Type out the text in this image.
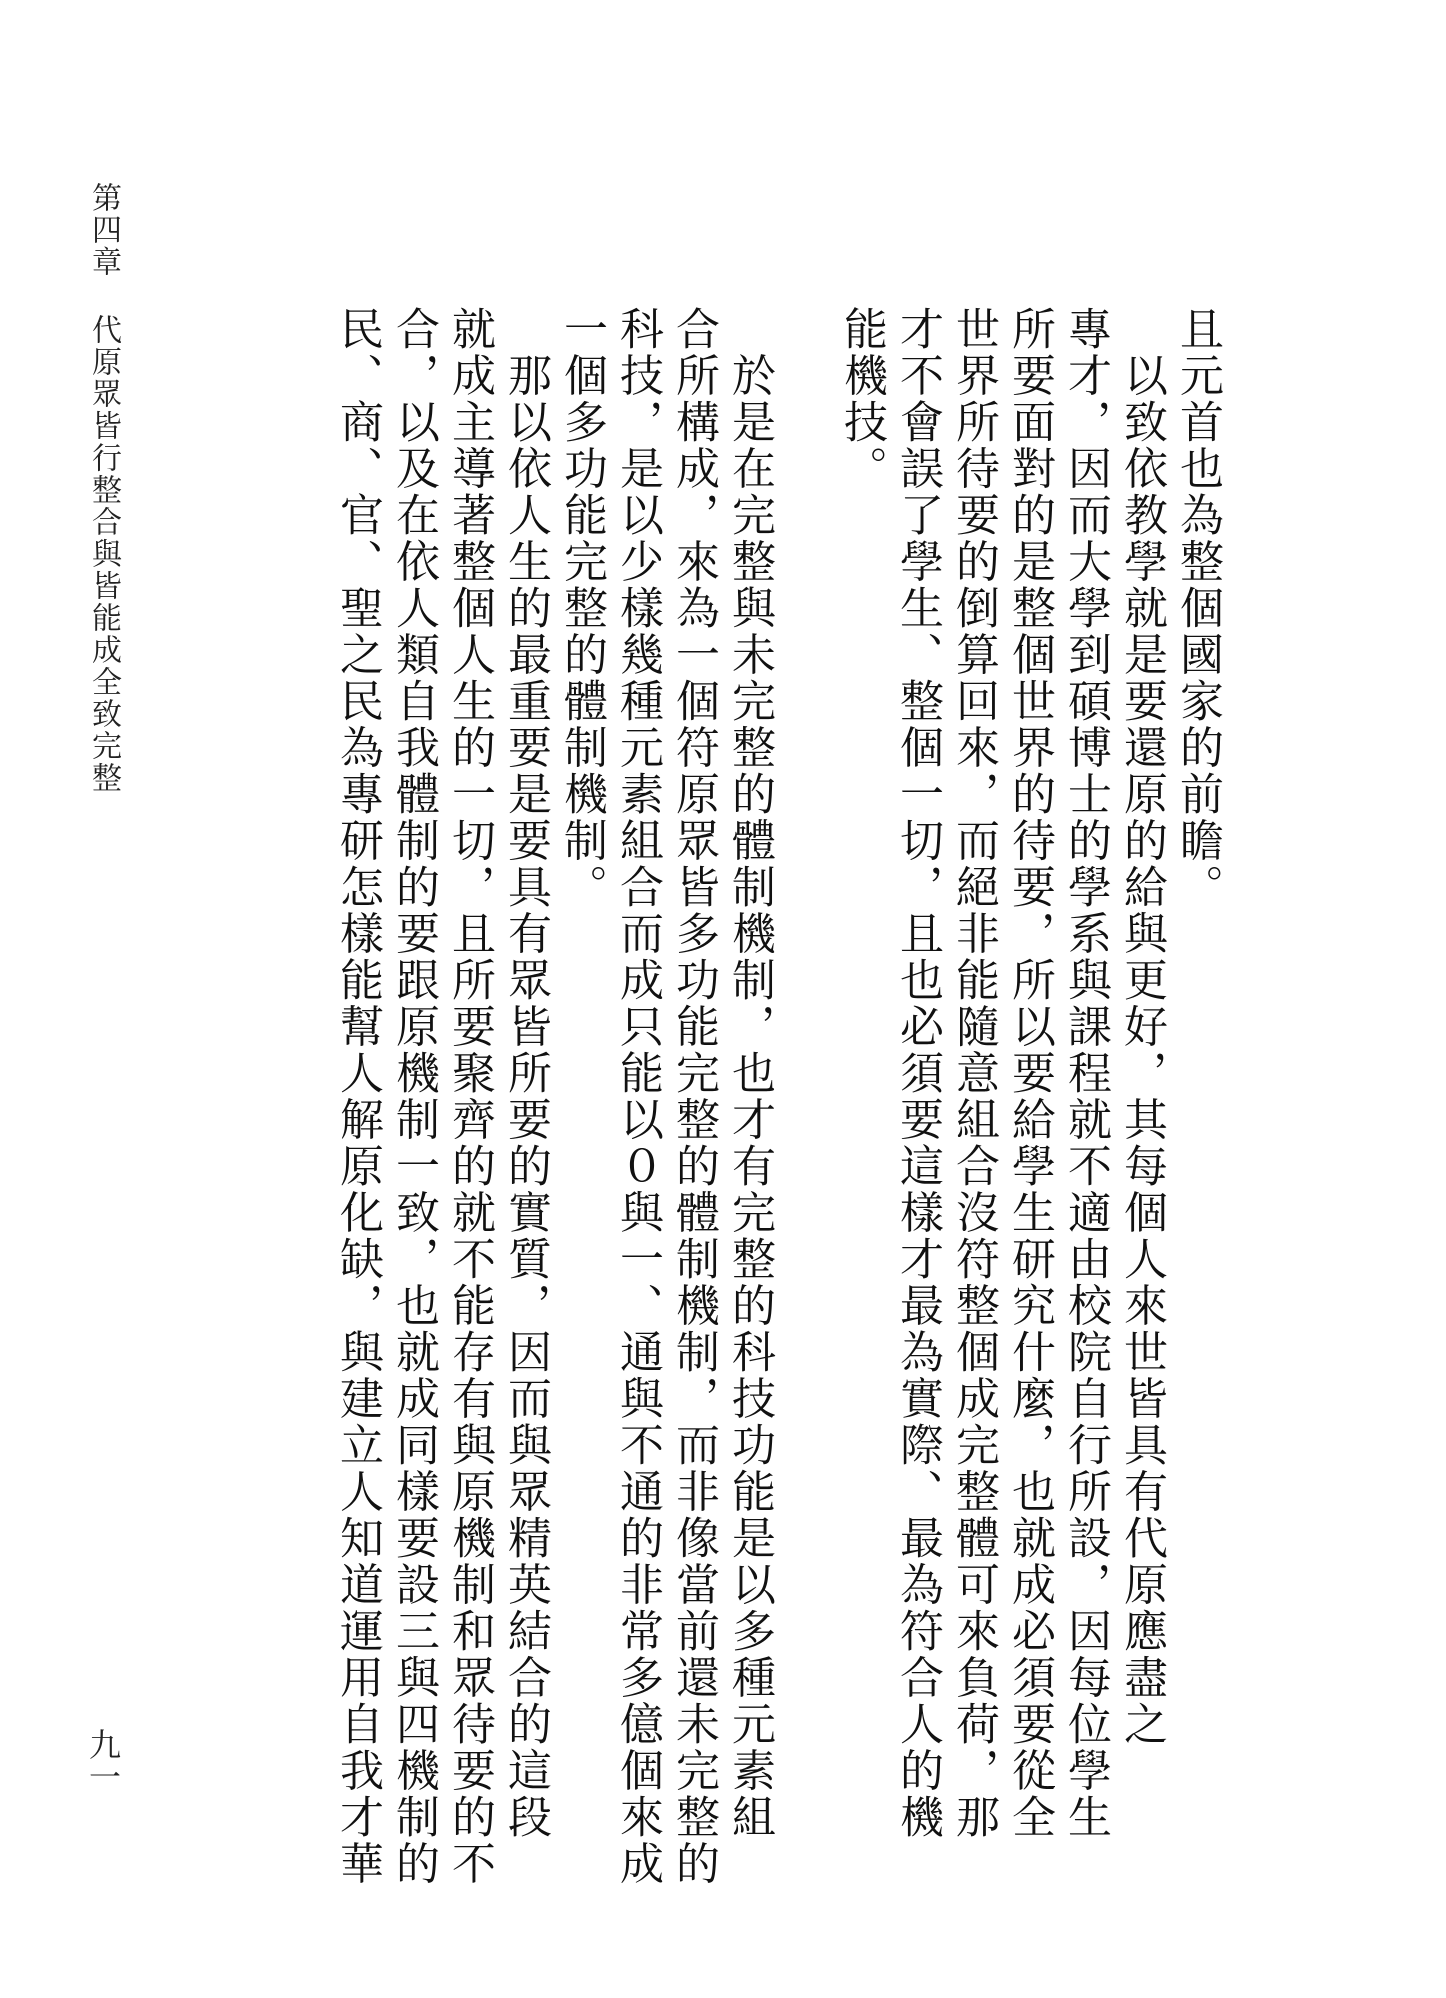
第四章代原眾皆行整合與皆能成全致完整
九一
且元首也為整個國家的前瞻。
　以致依教學就是要還原的給與更好，其每個人來世皆具有代原應盡之
專才，因而大學到碩博士的學系與課程就不適由校院自行所設，因每位學生
所要面對的是整個世界的待要，所以要給學生研究什麼，也就成必須要從全
世界所待要的倒算回來，而絕非能隨意組合沒符整個成完整體可來負荷，那
才不會誤了學生、整個一切，且也必須要這樣才最為實際、最為符合人的機
能機技。
　於是在完整與未完整的體制機制，也才有完整的科技功能是以多種元素組
合所構成，來為一個符原眾皆多功能完整的體制機制，而非像當前還未完整的
科技，是以少樣幾種元素組合而成只能以０與一、通與不通的非常多億個來成
一個多功能完整的體制機制。
　那以依人生的最重要是要具有眾皆所要的實質，因而與眾精英結合的這段
就成主導著整個人生的一切，且所要聚齊的就不能存有與原機制和眾待要的不
合，以及在依人類自我體制的要跟原機制一致，也就成同樣要設三與四機制的
民、商、官、聖之民為專研怎樣能幫人解原化缺，與建立人知道運用自我才華
